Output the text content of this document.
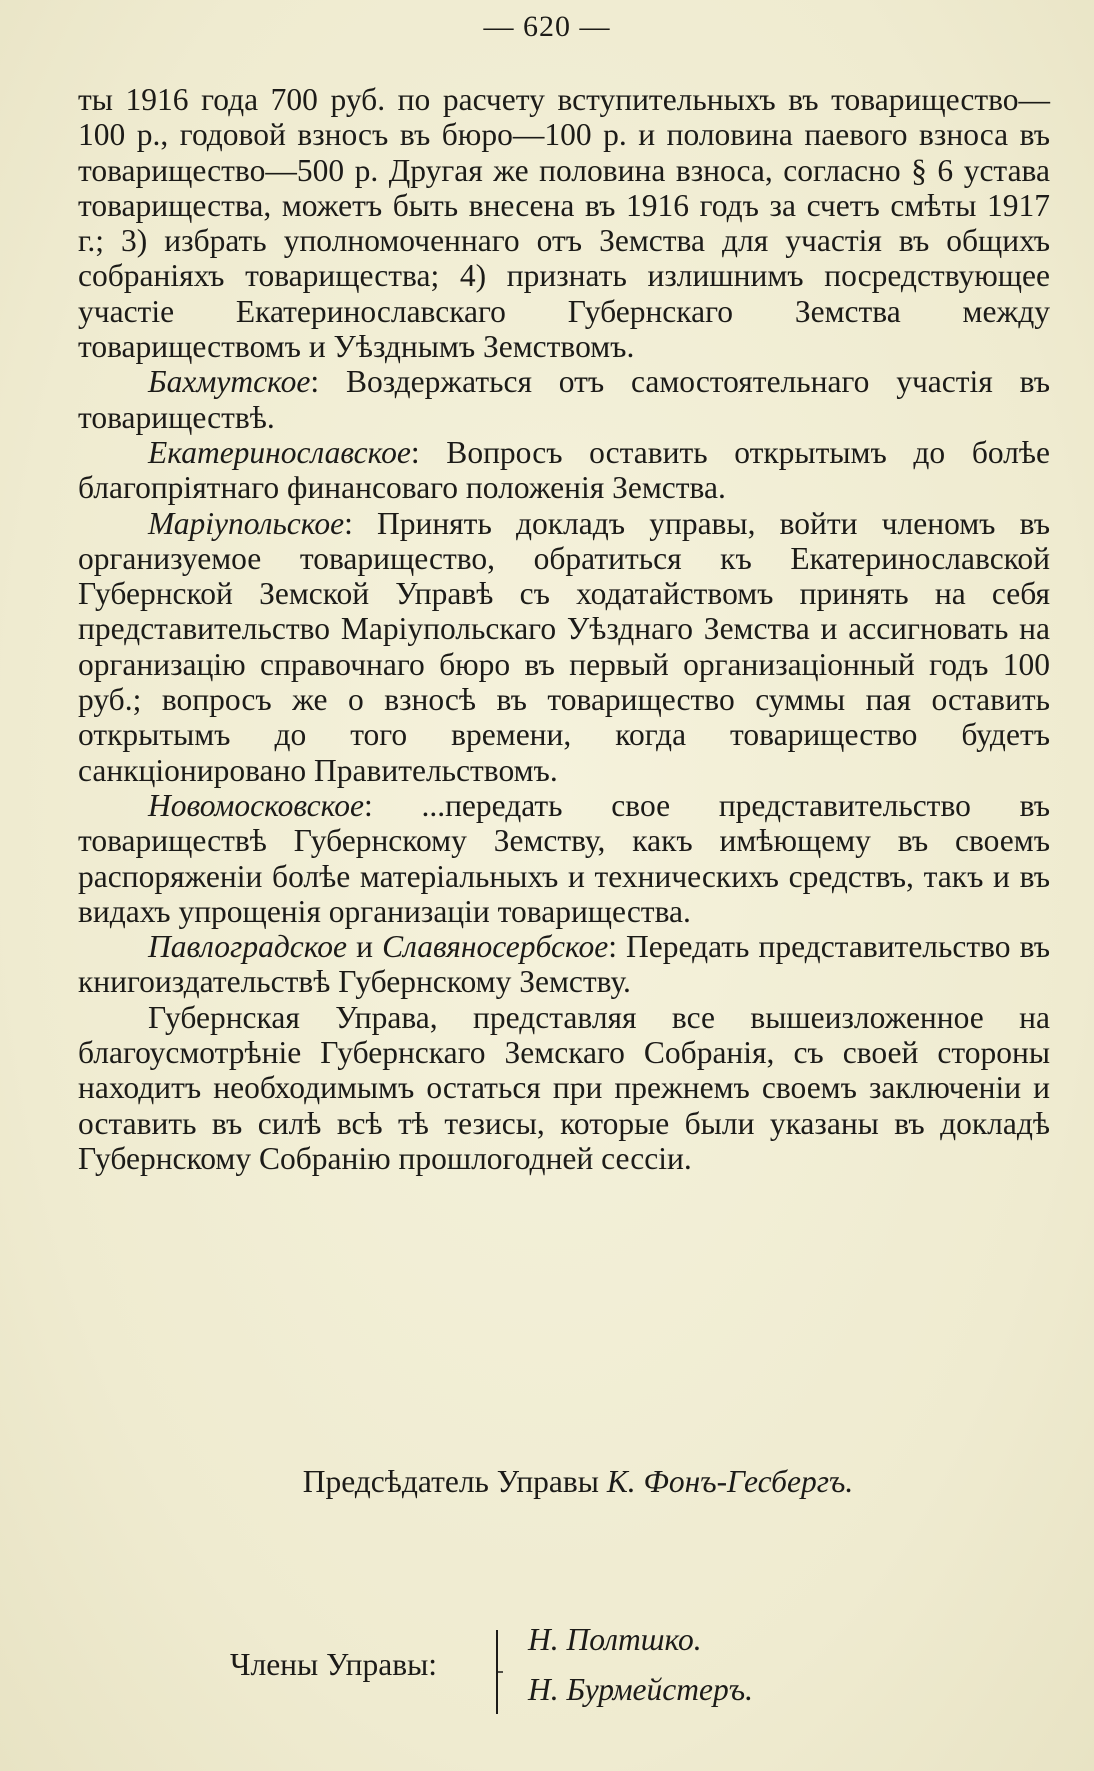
— 620 —

ты 1916 года 700 руб. по расчету вступительныхъ въ товарищество—100 р., годовой взносъ въ бюро—100 р. и половина паевого взноса въ товарищество—500 р. Другая же половина взноса, согласно § 6 устава товарищества, можетъ быть внесена въ 1916 годъ за счетъ смѣты 1917 г.; 3) избрать уполномоченнаго отъ Земства для участія въ общихъ собраніяхъ товарищества; 4) признать излишнимъ посредствующее участіе Екатеринославскаго Губернскаго Земства между товариществомъ и Уѣзднымъ Земствомъ.

Бахмутское: Воздержаться отъ самостоятельнаго участія въ товариществѣ.

Екатеринославское: Вопросъ оставить открытымъ до болѣе благопріятнаго финансоваго положенія Земства.

Маріупольское: Принять докладъ управы, войти членомъ въ организуемое товарищество, обратиться къ Екатеринославской Губернской Земской Управѣ съ ходатайствомъ принять на себя представительство Маріупольскаго Уѣзднаго Земства и ассигновать на организацію справочнаго бюро въ первый организаціонный годъ 100 руб.; вопросъ же о взносѣ въ товарищество суммы пая оставить открытымъ до того времени, когда товарищество будетъ санкціонировано Правительствомъ.

Новомосковское: ...передать свое представительство въ товариществѣ Губернскому Земству, какъ имѣющему въ своемъ распоряженіи болѣе матеріальныхъ и техническихъ средствъ, такъ и въ видахъ упрощенія организаціи товарищества.

Павлоградское и Славяносербское: Передать представительство въ книгоиздательствѣ Губернскому Земству.

Губернская Управа, представляя все вышеизложенное на благоусмотрѣніе Губернскаго Земскаго Собранія, съ своей стороны находитъ необходимымъ остаться при прежнемъ своемъ заключеніи и оставить въ силѣ всѣ тѣ тезисы, которые были указаны въ докладѣ Губернскому Собранію прошлогодней сессіи.

Предсѣдатель Управы К. Фонъ-Гесбергъ.
Члены Управы:
Н. Полтшко.
Н. Бурмейстеръ.
